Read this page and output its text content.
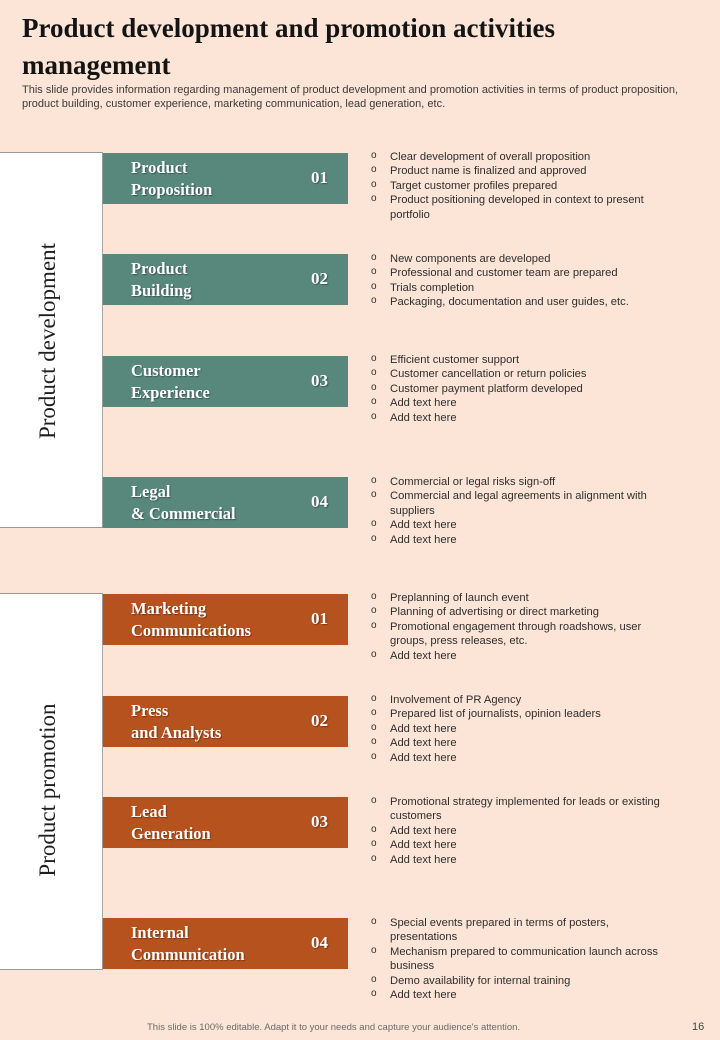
Product development and promotion activities management

This slide provides information regarding management of product development and promotion activities in terms of product proposition, product building, customer experience, marketing communication, lead generation, etc.

Product development
Product
Proposition
01
o Clear development of overall proposition
o Product name is finalized and approved
o Target customer profiles prepared
o Product positioning developed in context to present portfolio
Product
Building
02
o New components are developed
o Professional and customer team are prepared
o Trials completion
o Packaging, documentation and user guides, etc.
Customer
Experience
03
o Efficient customer support
o Customer cancellation or return policies
o Customer payment platform developed
o Add text here
o Add text here
Legal
& Commercial
04
o Commercial or legal risks sign-off
o Commercial and legal agreements in alignment with suppliers
o Add text here
o Add text here
Product promotion
Marketing
Communications
01
o Preplanning of launch event
o Planning of advertising or direct marketing
o Promotional engagement through roadshows, user groups, press releases, etc.
o Add text here
Press
and Analysts
02
o Involvement of PR Agency
o Prepared list of journalists, opinion leaders
o Add text here
o Add text here
o Add text here
Lead
Generation
03
o Promotional strategy implemented for leads or existing customers
o Add text here
o Add text here
o Add text here
Internal
Communication
04
o Special events prepared in terms of posters, presentations
o Mechanism prepared to communication launch across business
o Demo availability for internal training
o Add text here
This slide is 100% editable. Adapt it to your needs and capture your audience's attention.	16
